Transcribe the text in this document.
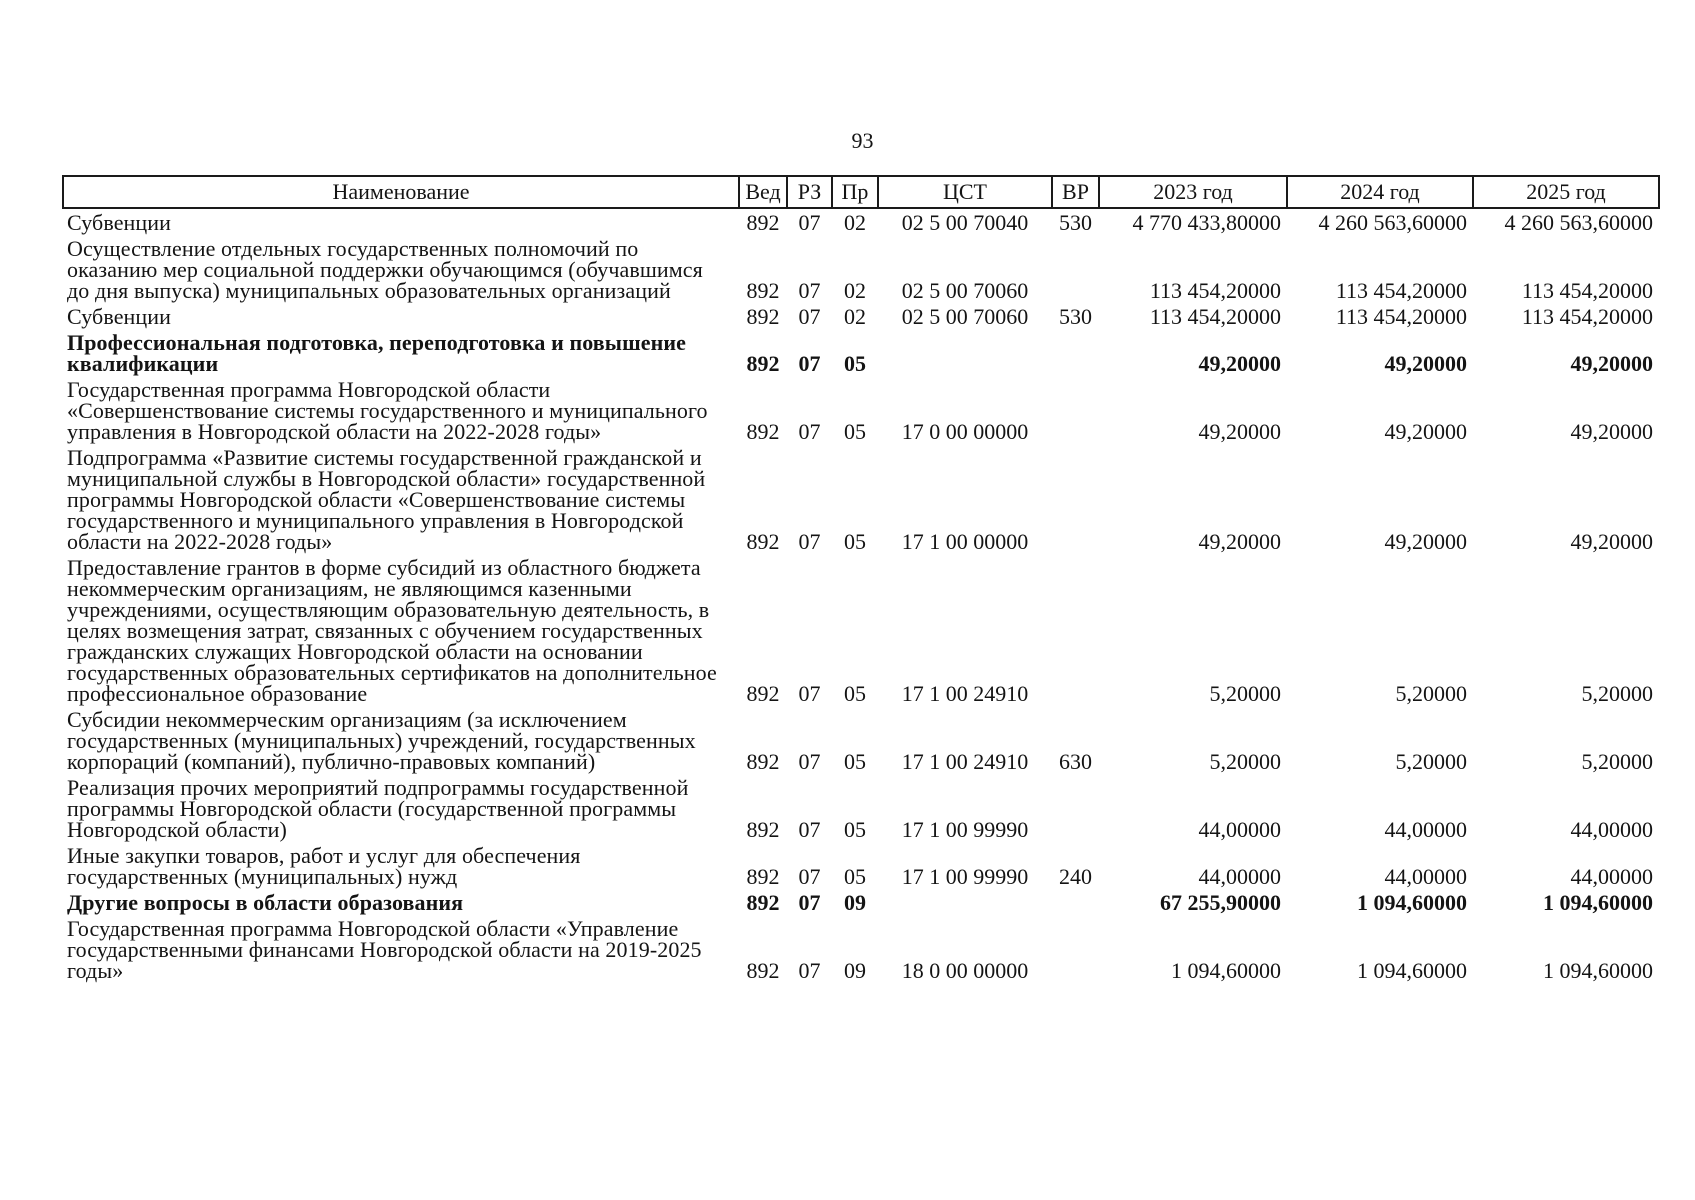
93
Наименование	Вед	РЗ	Пр	ЦСТ	ВР	2023 год	2024 год	2025 год
Субвенции	892	07	02	02 5 00 70040	530	4 770 433,80000	4 260 563,60000	4 260 563,60000
Осуществление отдельных государственных полномочий по оказанию мер социальной поддержки обучающимся (обучавшимся до дня выпуска) муниципальных образовательных организаций	892	07	02	02 5 00 70060		113 454,20000	113 454,20000	113 454,20000
Субвенции	892	07	02	02 5 00 70060	530	113 454,20000	113 454,20000	113 454,20000
Профессиональная подготовка, переподготовка и повышение квалификации	892	07	05			49,20000	49,20000	49,20000
Государственная программа Новгородской области «Совершенствование системы государственного и муниципального управления в Новгородской области на 2022-2028 годы»	892	07	05	17 0 00 00000		49,20000	49,20000	49,20000
Подпрограмма «Развитие системы государственной гражданской и муниципальной службы в Новгородской области» государственной программы Новгородской области «Совершенствование системы государственного и муниципального управления в Новгородской области на 2022-2028 годы»	892	07	05	17 1 00 00000		49,20000	49,20000	49,20000
Предоставление грантов в форме субсидий из областного бюджета некоммерческим организациям, не являющимся казенными учреждениями, осуществляющим образовательную деятельность, в целях возмещения затрат, связанных с обучением государственных гражданских служащих Новгородской области на основании государственных образовательных сертификатов на дополнительное профессиональное образование	892	07	05	17 1 00 24910		5,20000	5,20000	5,20000
Субсидии некоммерческим организациям (за исключением государственных (муниципальных) учреждений, государственных корпораций (компаний), публично-правовых компаний)	892	07	05	17 1 00 24910	630	5,20000	5,20000	5,20000
Реализация прочих мероприятий подпрограммы государственной программы Новгородской области (государственной программы Новгородской области)	892	07	05	17 1 00 99990		44,00000	44,00000	44,00000
Иные закупки товаров, работ и услуг для обеспечения государственных (муниципальных) нужд	892	07	05	17 1 00 99990	240	44,00000	44,00000	44,00000
Другие вопросы в области образования	892	07	09			67 255,90000	1 094,60000	1 094,60000
Государственная программа Новгородской области «Управление государственными финансами Новгородской области на 2019-2025 годы»	892	07	09	18 0 00 00000		1 094,60000	1 094,60000	1 094,60000
